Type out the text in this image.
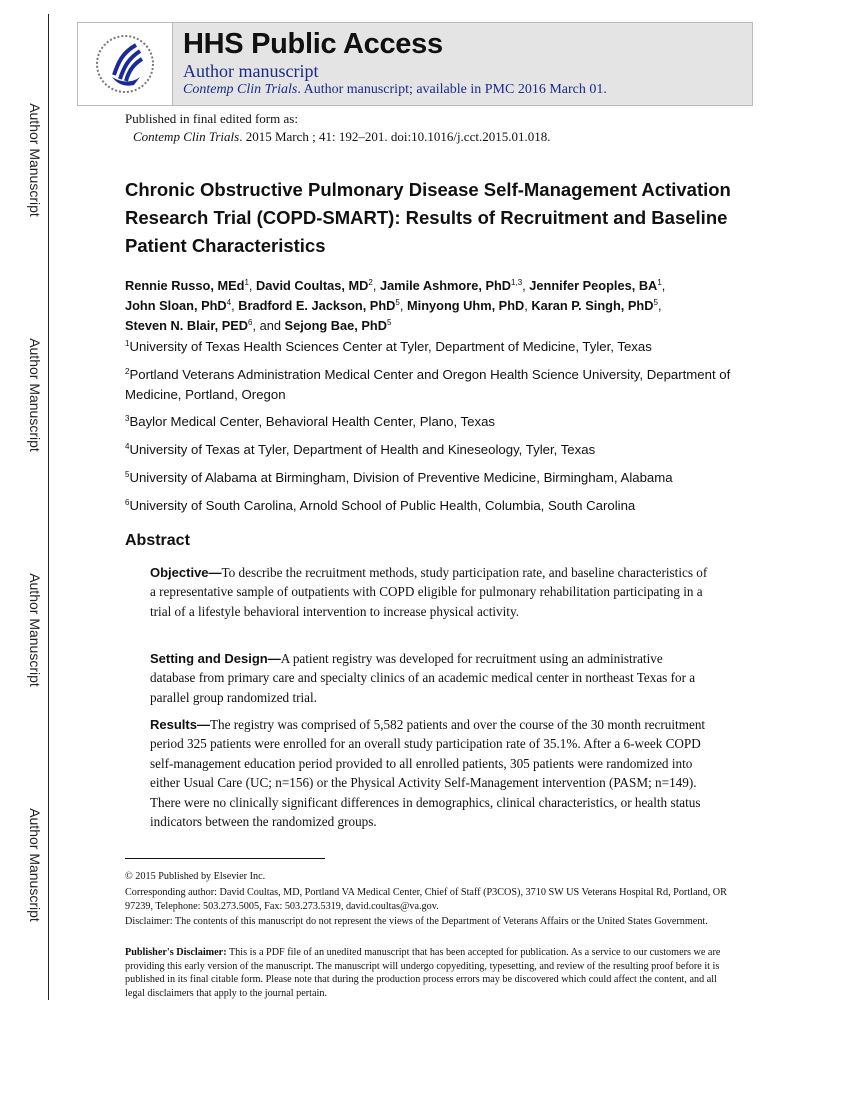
Author Manuscript
Author Manuscript
Author Manuscript
Author Manuscript
HHS Public Access
Author manuscript
Contemp Clin Trials. Author manuscript; available in PMC 2016 March 01.
Published in final edited form as:
Contemp Clin Trials. 2015 March ; 41: 192–201. doi:10.1016/j.cct.2015.01.018.
Chronic Obstructive Pulmonary Disease Self-Management Activation Research Trial (COPD-SMART): Results of Recruitment and Baseline Patient Characteristics
Rennie Russo, MEd$^1$, David Coultas, $MD^2$, Jamile Ashmore, PhD$^{1,3}$, Jennifer Peoples, $BA^1$,
John Sloan, PhD$^4$, Bradford E. Jackson, PhD$^5$, Minyong Uhm, PhD, Karan P. Singh, PhD$^5$,
Steven N. Blair, PED$^6$, and Sejong Bae, PhD$^5$
$^1$University of Texas Health Sciences Center at Tyler, Department of Medicine, Tyler, Texas
$^2$Portland Veterans Administration Medical Center and Oregon Health Science University, Department of Medicine, Portland, Oregon
$^3$Baylor Medical Center, Behavioral Health Center, Plano, Texas
$^4$University of Texas at Tyler, Department of Health and Kineseology, Tyler, Texas
$^5$University of Alabama at Birmingham, Division of Preventive Medicine, Birmingham, Alabama
$^6$University of South Carolina, Arnold School of Public Health, Columbia, South Carolina
Abstract
Objective—To describe the recruitment methods, study participation rate, and baseline characteristics of a representative sample of outpatients with COPD eligible for pulmonary rehabilitation participating in a trial of a lifestyle behavioral intervention to increase physical activity.
Setting and Design—A patient registry was developed for recruitment using an administrative database from primary care and specialty clinics of an academic medical center in northeast Texas for a parallel group randomized trial.
Results—The registry was comprised of 5,582 patients and over the course of the 30 month recruitment period 325 patients were enrolled for an overall study participation rate of 35.1%. After a 6-week COPD self-management education period provided to all enrolled patients, 305 patients were randomized into either Usual Care (UC; n=156) or the Physical Activity Self-Management intervention (PASM; n=149). There were no clinically significant differences in demographics, clinical characteristics, or health status indicators between the randomized groups.
© 2015 Published by Elsevier Inc.
Corresponding author: David Coultas, MD, Portland VA Medical Center, Chief of Staff (P3COS), 3710 SW US Veterans Hospital Rd, Portland, OR 97239, Telephone: 503.273.5005, Fax: 503.273.5319, david.coultas@va.gov.
Disclaimer: The contents of this manuscript do not represent the views of the Department of Veterans Affairs or the United States Government.
Publisher's Disclaimer: This is a PDF file of an unedited manuscript that has been accepted for publication. As a service to our customers we are providing this early version of the manuscript. The manuscript will undergo copyediting, typesetting, and review of the resulting proof before it is published in its final citable form. Please note that during the production process errors may be discovered which could affect the content, and all legal disclaimers that apply to the journal pertain.
